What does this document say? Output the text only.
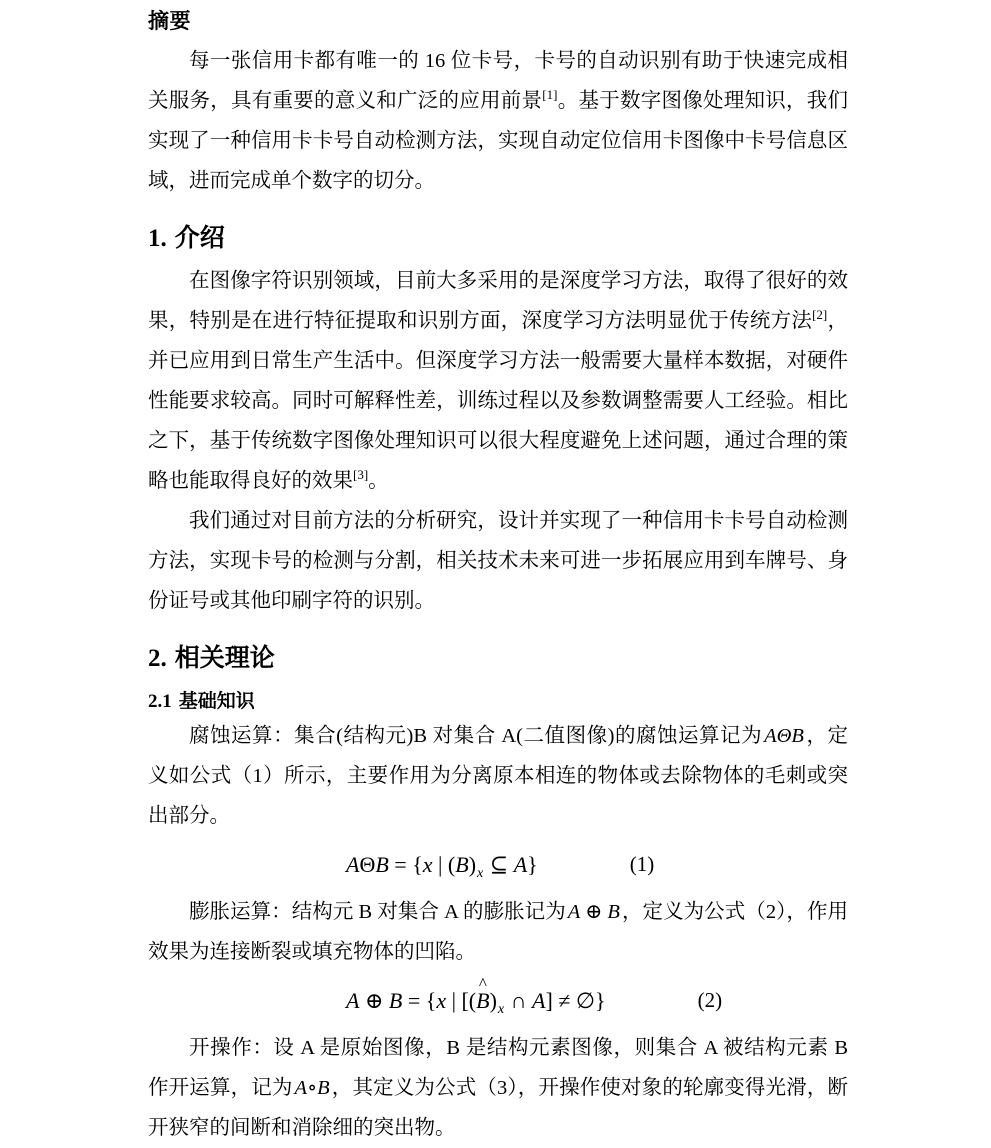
摘要

每一张信用卡都有唯一的 16 位卡号，卡号的自动识别有助于快速完成相关服务，具有重要的意义和广泛的应用前景[1]。基于数字图像处理知识，我们实现了一种信用卡卡号自动检测方法，实现自动定位信用卡图像中卡号信息区域，进而完成单个数字的切分。

1. 介绍

在图像字符识别领域，目前大多采用的是深度学习方法，取得了很好的效果，特别是在进行特征提取和识别方面，深度学习方法明显优于传统方法[2]，并已应用到日常生产生活中。但深度学习方法一般需要大量样本数据，对硬件性能要求较高。同时可解释性差，训练过程以及参数调整需要人工经验。相比之下，基于传统数字图像处理知识可以很大程度避免上述问题，通过合理的策略也能取得良好的效果[3]。

我们通过对目前方法的分析研究，设计并实现了一种信用卡卡号自动检测方法，实现卡号的检测与分割，相关技术未来可进一步拓展应用到车牌号、身份证号或其他印刷字符的识别。

2. 相关理论
2.1 基础知识

腐蚀运算：集合(结构元)B 对集合 A(二值图像)的腐蚀运算记为AΘB，定义如公式（1）所示，主要作用为分离原本相连的物体或去除物体的毛刺或突出部分。

AΘB = {x | $(B)_x$ ⊆ A}	(1)

膨胀运算：结构元 B 对集合 A 的膨胀记为A ⊕ B，定义为公式（2），作用效果为连接断裂或填充物体的凹陷。

A ⊕ B = {x | [(
^
$B)_x$ ∩ A] ≠ ∅}	(2)

开操作：设 A 是原始图像，B 是结构元素图像，则集合 A 被结构元素 B 作开运算，记为A∘B，其定义为公式（3），开操作使对象的轮廓变得光滑，断开狭窄的间断和消除细的突出物。
